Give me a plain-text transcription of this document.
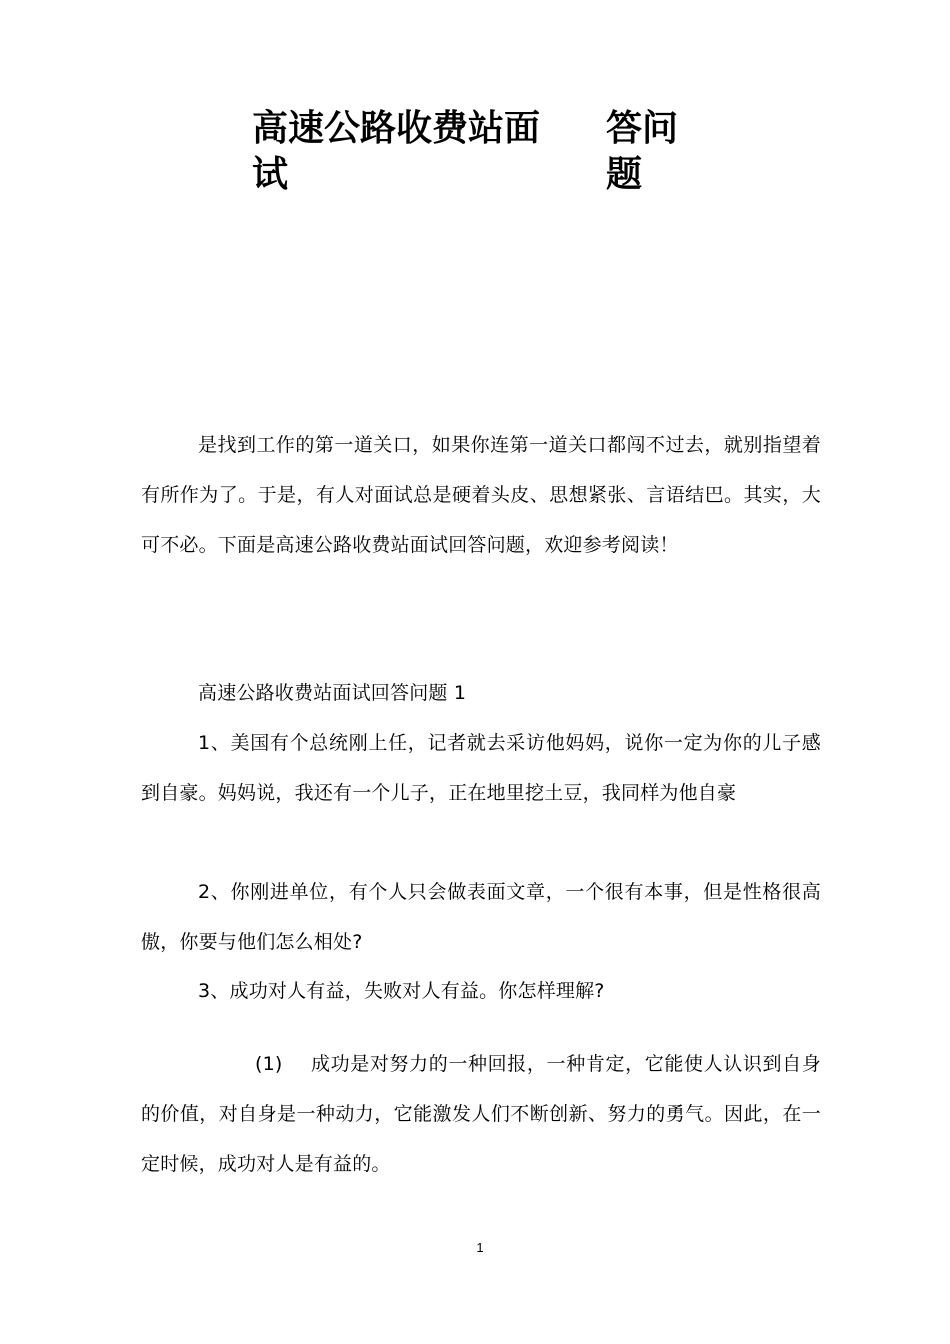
高速公路收费站面
试
答问
题

是找到工作的第一道关口，如果你连第一道关口都闯不过去，就别指望着有所作为了。于是，有人对面试总是硬着头皮、思想紧张、言语结巴。其实，大可不必。下面是高速公路收费站面试回答问题，欢迎参考阅读！

高速公路收费站面试回答问题 1

1、美国有个总统刚上任，记者就去采访他妈妈，说你一定为你的儿子感到自豪。妈妈说，我还有一个儿子，正在地里挖土豆，我同样为他自豪

2、你刚进单位，有个人只会做表面文章，一个很有本事，但是性格很高傲，你要与他们怎么相处?

3、成功对人有益，失败对人有益。你怎样理解?

(1) 成功是对努力的一种回报，一种肯定，它能使人认识到自身的价值，对自身是一种动力，它能激发人们不断创新、努力的勇气。因此，在一定时候，成功对人是有益的。

1
